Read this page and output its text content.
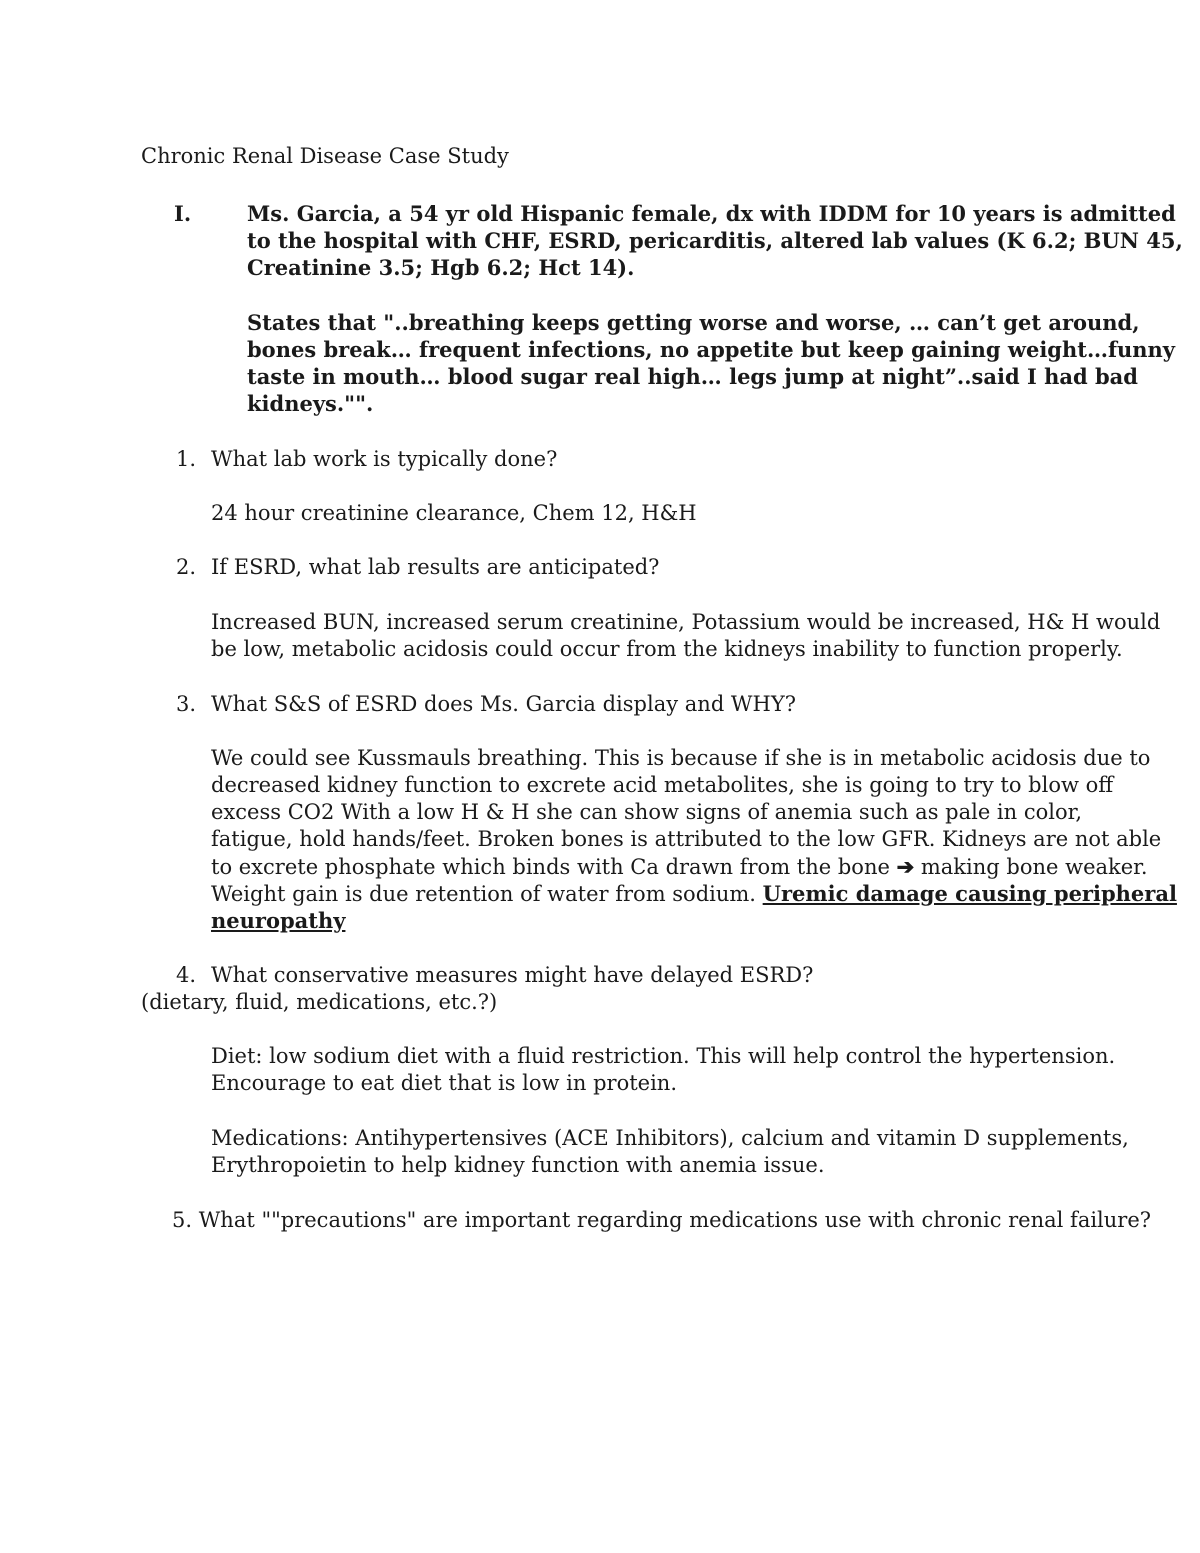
Chronic Renal Disease Case Study
I.	Ms. Garcia, a 54 yr old Hispanic female, dx with IDDM for 10 years is admitted
to the hospital with CHF, ESRD, pericarditis, altered lab values (K 6.2; BUN 45,
Creatinine 3.5; Hgb 6.2; Hct 14).
States that "..breathing keeps getting worse and worse, … can’t get around,
bones break… frequent infections, no appetite but keep gaining weight…funny
taste in mouth… blood sugar real high… legs jump at night”..said I had bad
kidneys."".
1. What lab work is typically done?
24 hour creatinine clearance, Chem 12, H&H
2. If ESRD, what lab results are anticipated?
Increased BUN, increased serum creatinine, Potassium would be increased, H& H would
be low, metabolic acidosis could occur from the kidneys inability to function properly.
3. What S&S of ESRD does Ms. Garcia display and WHY?
We could see Kussmauls breathing. This is because if she is in metabolic acidosis due to
decreased kidney function to excrete acid metabolites, she is going to try to blow off
excess CO2 With a low H & H she can show signs of anemia such as pale in color,
fatigue, hold hands/feet. Broken bones is attributed to the low GFR. Kidneys are not able
to excrete phosphate which binds with Ca drawn from the bone ➔ making bone weaker.
Weight gain is due retention of water from sodium. Uremic damage causing peripheral
neuropathy
4. What conservative measures might have delayed ESRD?
(dietary, fluid, medications, etc.?)
Diet: low sodium diet with a fluid restriction. This will help control the hypertension.
Encourage to eat diet that is low in protein.
Medications: Antihypertensives (ACE Inhibitors), calcium and vitamin D supplements,
Erythropoietin to help kidney function with anemia issue.
5. What ""precautions" are important regarding medications use with chronic renal failure?
